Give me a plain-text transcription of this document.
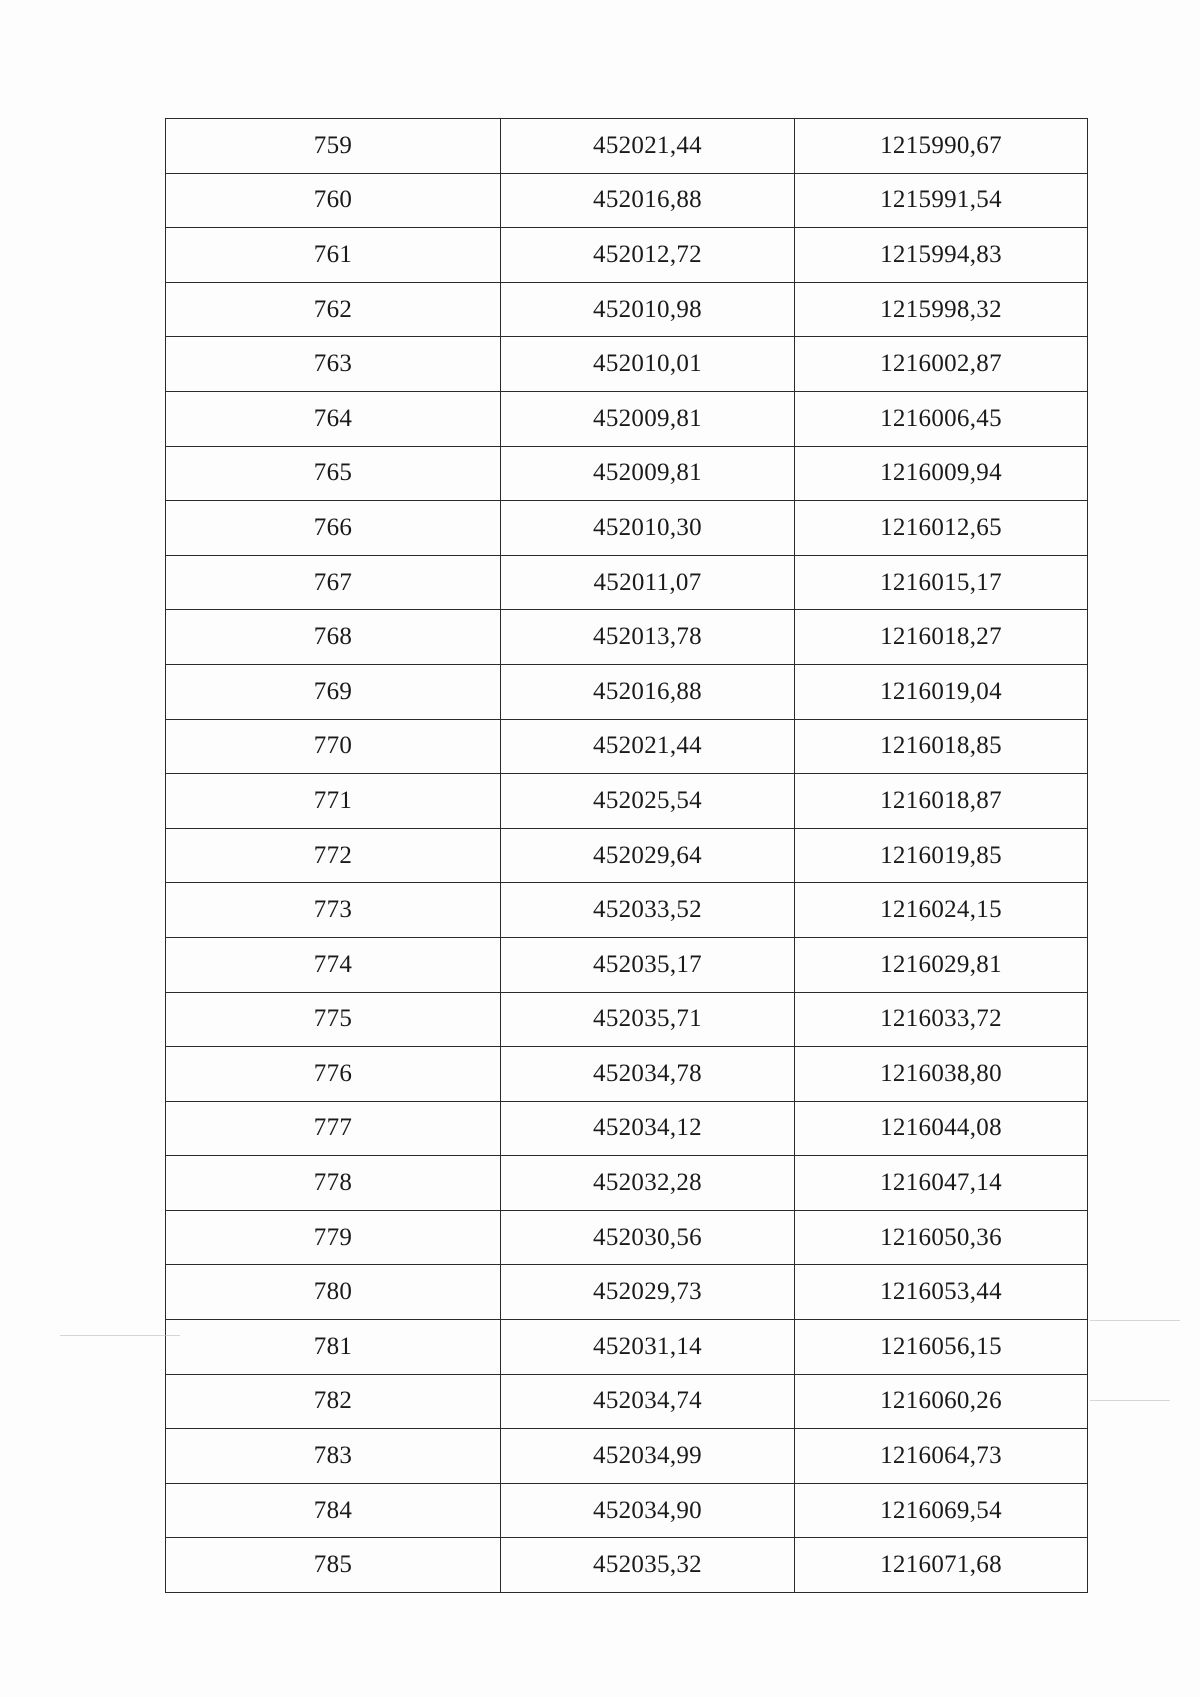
759	452021,44	1215990,67
760	452016,88	1215991,54
761	452012,72	1215994,83
762	452010,98	1215998,32
763	452010,01	1216002,87
764	452009,81	1216006,45
765	452009,81	1216009,94
766	452010,30	1216012,65
767	452011,07	1216015,17
768	452013,78	1216018,27
769	452016,88	1216019,04
770	452021,44	1216018,85
771	452025,54	1216018,87
772	452029,64	1216019,85
773	452033,52	1216024,15
774	452035,17	1216029,81
775	452035,71	1216033,72
776	452034,78	1216038,80
777	452034,12	1216044,08
778	452032,28	1216047,14
779	452030,56	1216050,36
780	452029,73	1216053,44
781	452031,14	1216056,15
782	452034,74	1216060,26
783	452034,99	1216064,73
784	452034,90	1216069,54
785	452035,32	1216071,68
